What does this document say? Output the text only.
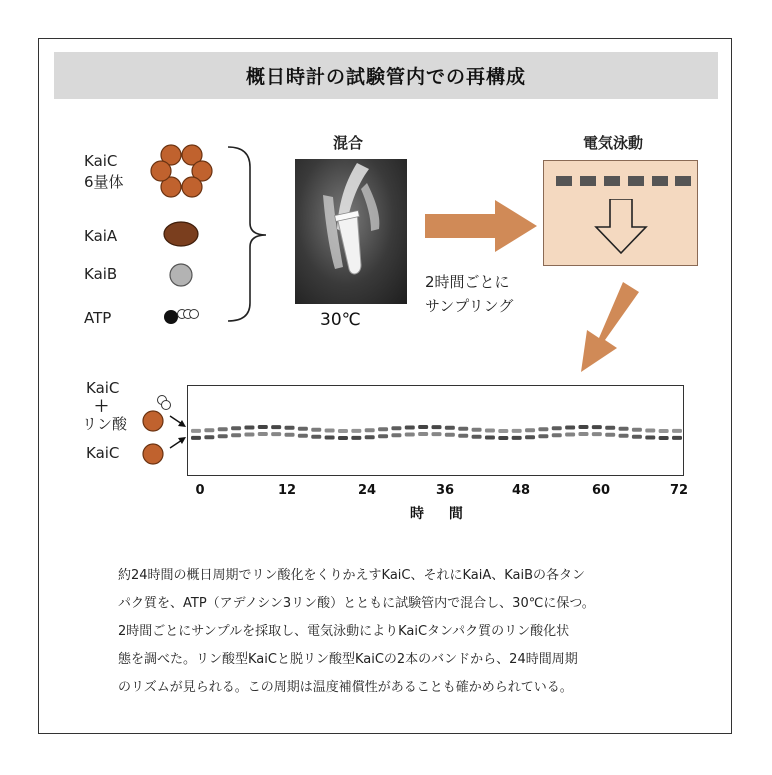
概日時計の試験管内での再構成
KaiC
6量体
KaiA
KaiB
ATP
混合
30℃
2時間ごとに
サンプリング
電気泳動
KaiC
＋
リン酸
KaiC
0	12	24	36	48	60	72
時 間
約24時間の概日周期でリン酸化をくりかえすKaiC、それにKaiA、KaiBの各タン
パク質を、ATP（アデノシン3リン酸）とともに試験管内で混合し、30℃に保つ。
2時間ごとにサンプルを採取し、電気泳動によりKaiCタンパク質のリン酸化状
態を調べた。リン酸型KaiCと脱リン酸型KaiCの2本のバンドから、24時間周期
のリズムが見られる。この周期は温度補償性があることも確かめられている。
